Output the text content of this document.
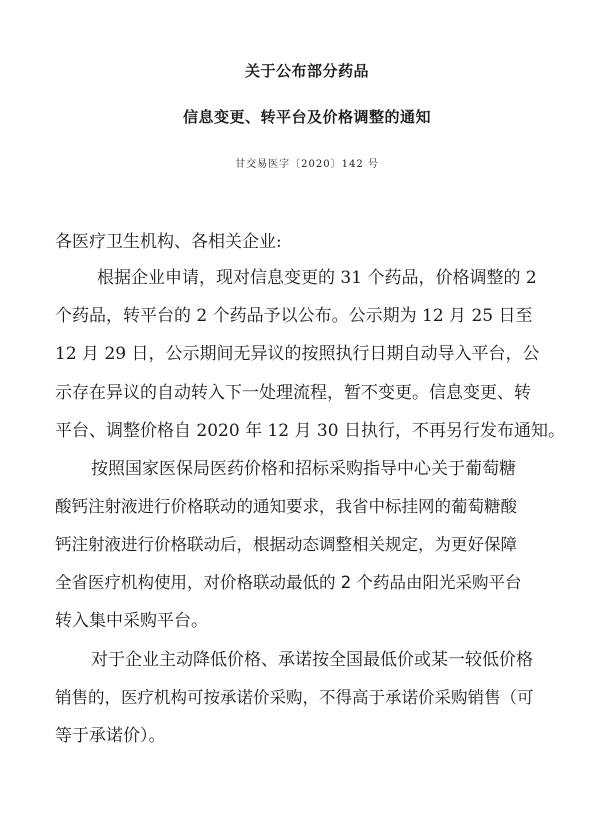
关于公布部分药品
信息变更、转平台及价格调整的通知
甘交易医字〔2020〕142 号
各医疗卫生机构、各相关企业:
根据企业申请，现对信息变更的 31 个药品，价格调整的 2
个药品，转平台的 2 个药品予以公布。公示期为 12 月 25 日至
12 月 29 日，公示期间无异议的按照执行日期自动导入平台，公
示存在异议的自动转入下一处理流程，暂不变更。信息变更、转
平台、调整价格自 2020 年 12 月 30 日执行，不再另行发布通知。
按照国家医保局医药价格和招标采购指导中心关于葡萄糖
酸钙注射液进行价格联动的通知要求，我省中标挂网的葡萄糖酸
钙注射液进行价格联动后，根据动态调整相关规定，为更好保障
全省医疗机构使用，对价格联动最低的 2 个药品由阳光采购平台
转入集中采购平台。
对于企业主动降低价格、承诺按全国最低价或某一较低价格
销售的，医疗机构可按承诺价采购，不得高于承诺价采购销售（可
等于承诺价）。
